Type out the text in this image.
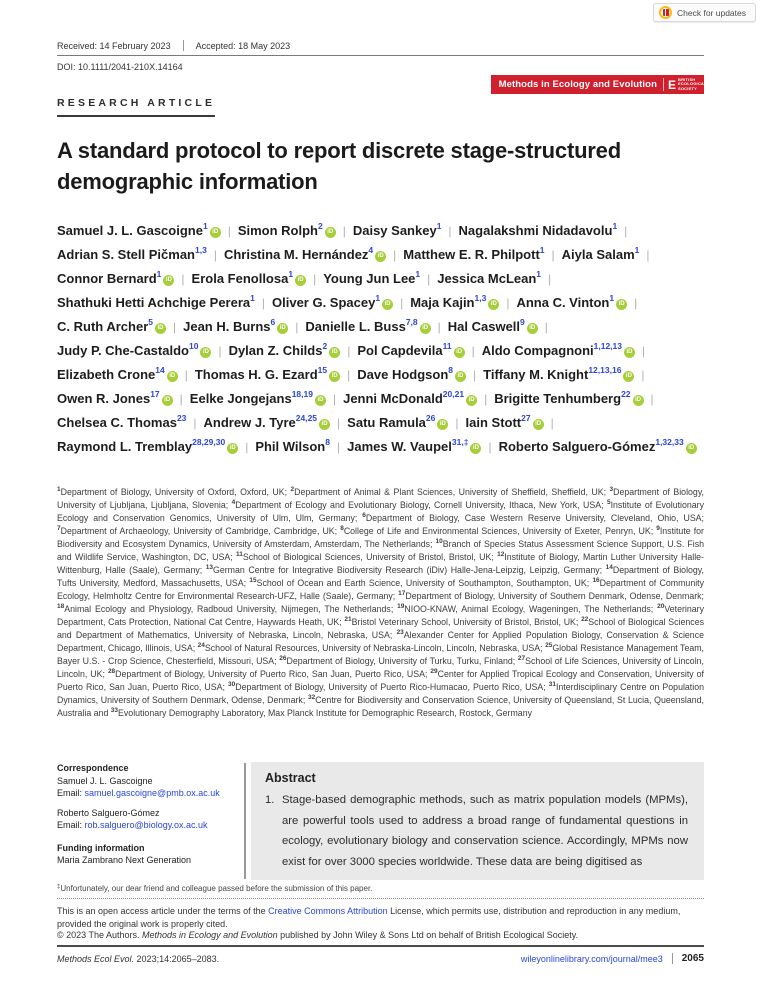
Check for updates
Received: 14 February 2023	Accepted: 18 May 2023
DOI: 10.1111/2041-210X.14164
Methods in Ecology and Evolution E BRITISH ECOLOGICAL SOCIETY
RESEARCH ARTICLE
A standard protocol to report discrete stage-structured demographic information
Samuel J. L. Gascoigne$^1$iD | Simon Rolph$^2$iD | Daisy Sankey$^1$ | Nagalakshmi Nidadavolu$^1$ |Adrian S. Stell Pičman$^{1,3}$ | Christina M. Hernández$^4$iD | Matthew E. R. Philpott$^1$ | Aiyla Salam$^1$ |Connor Bernard$^1$iD | Erola Fenollosa$^1$iD | Young Jun Lee$^1$ | Jessica McLean$^1$ |Shathuki Hetti Achchige Perera$^1$ | Oliver G. Spacey$^1$iD | Maja Kajin$^{1,3}$iD | Anna C. Vinton$^1$iD |C. Ruth Archer$^5$iD | Jean H. Burns$^6$iD | Danielle L. Buss$^{7,8}$iD | Hal Caswell$^9$iD |Judy P. Che-Castaldo$^{10}$iD | Dylan Z. Childs$^2$iD | Pol Capdevila$^{11}$iD | Aldo Compagnoni$^{1,12,13}$iD |Elizabeth Crone$^{14}$iD | Thomas H. G. Ezard$^{15}$iD | Dave Hodgson$^8$iD | Tiffany M. Knight$^{12,13,16}$iD |Owen R. Jones$^{17}$iD | Eelke Jongejans$^{18,19}$iD | Jenni McDonald$^{20,21}$iD | Brigitte Tenhumberg$^{22}$iD |Chelsea C. Thomas$^{23}$ | Andrew J. Tyre$^{24,25}$iD | Satu Ramula$^{26}$iD | Iain Stott$^{27}$iD |Raymond L. Tremblay$^{28,29,30}$iD | Phil Wilson$^8$ | James W. Vaupel$^{31,\ddagger}$iD | Roberto Salguero-Gómez$^{1,32,33}$iD
$^1$Department of Biology, University of Oxford, Oxford, UK; $^2$Department of Animal & Plant Sciences, University of Sheffield, Sheffield, UK; $^3$Department of Biology, University of Ljubljana, Ljubljana, Slovenia; $^4$Department of Ecology and Evolutionary Biology, Cornell University, Ithaca, New York, USA; $^5$Institute of Evolutionary Ecology and Conservation Genomics, University of Ulm, Ulm, Germany; $^6$Department of Biology, Case Western Reserve University, Cleveland, Ohio, USA; $^7$Department of Archaeology, University of Cambridge, Cambridge, UK; $^8$College of Life and Environmental Sciences, University of Exeter, Penryn, UK; $^9$Institute for Biodiversity and Ecosystem Dynamics, University of Amsterdam, Amsterdam, The Netherlands; $^{10}$Branch of Species Status Assessment Science Support, U.S. Fish and Wildlife Service, Washington, DC, USA; $^{11}$School of Biological Sciences, University of Bristol, Bristol, UK; $^{12}$Institute of Biology, Martin Luther University Halle-Wittenburg, Halle (Saale), Germany; $^{13}$German Centre for Integrative Biodiversity Research (iDiv) Halle-Jena-Leipzig, Leipzig, Germany; $^{14}$Department of Biology, Tufts University, Medford, Massachusetts, USA; $^{15}$School of Ocean and Earth Science, University of Southampton, Southampton, UK; $^{16}$Department of Community Ecology, Helmholtz Centre for Environmental Research-UFZ, Halle (Saale), Germany; $^{17}$Department of Biology, University of Southern Denmark, Odense, Denmark; $^{18}$Animal Ecology and Physiology, Radboud University, Nijmegen, The Netherlands; $^{19}$NIOO-KNAW, Animal Ecology, Wageningen, The Netherlands; $^{20}$Veterinary Department, Cats Protection, National Cat Centre, Haywards Heath, UK; $^{21}$Bristol Veterinary School, University of Bristol, Bristol, UK; $^{22}$School of Biological Sciences and Department of Mathematics, University of Nebraska, Lincoln, Nebraska, USA; $^{23}$Alexander Center for Applied Population Biology, Conservation & Science Department, Chicago, Illinois, USA; $^{24}$School of Natural Resources, University of Nebraska-Lincoln, Lincoln, Nebraska, USA; $^{25}$Global Resistance Management Team, Bayer U.S. - Crop Science, Chesterfield, Missouri, USA; $^{26}$Department of Biology, University of Turku, Turku, Finland; $^{27}$School of Life Sciences, University of Lincoln, Lincoln, UK; $^{28}$Department of Biology, University of Puerto Rico, San Juan, Puerto Rico, USA; $^{29}$Center for Applied Tropical Ecology and Conservation, University of Puerto Rico, San Juan, Puerto Rico, USA; $^{30}$Department of Biology, University of Puerto Rico-Humacao, Puerto Rico, USA; $^{31}$Interdisciplinary Centre on Population Dynamics, University of Southern Denmark, Odense, Denmark; $^{32}$Centre for Biodiversity and Conservation Science, University of Queensland, St Lucia, Queensland, Australia and $^{33}$Evolutionary Demography Laboratory, Max Planck Institute for Demographic Research, Rostock, Germany
Correspondence
Samuel J. L. Gascoigne
Email: samuel.gascoigne@pmb.ox.ac.uk
Roberto Salguero-Gómez
Email: rob.salguero@biology.ox.ac.uk
Funding information
Maria Zambrano Next Generation
Abstract
1. Stage-based demographic methods, such as matrix population models (MPMs), are powerful tools used to address a broad range of fundamental questions in ecology, evolutionary biology and conservation science. Accordingly, MPMs now exist for over 3000 species worldwide. These data are being digitised as
‡Unfortunately, our dear friend and colleague passed before the submission of this paper.
This is an open access article under the terms of the Creative Commons Attribution License, which permits use, distribution and reproduction in any medium, provided the original work is properly cited.
© 2023 The Authors. Methods in Ecology and Evolution published by John Wiley & Sons Ltd on behalf of British Ecological Society.
Methods Ecol Evol. 2023;14:2065–2083.	wileyonlinelibrary.com/journal/mee3 2065
